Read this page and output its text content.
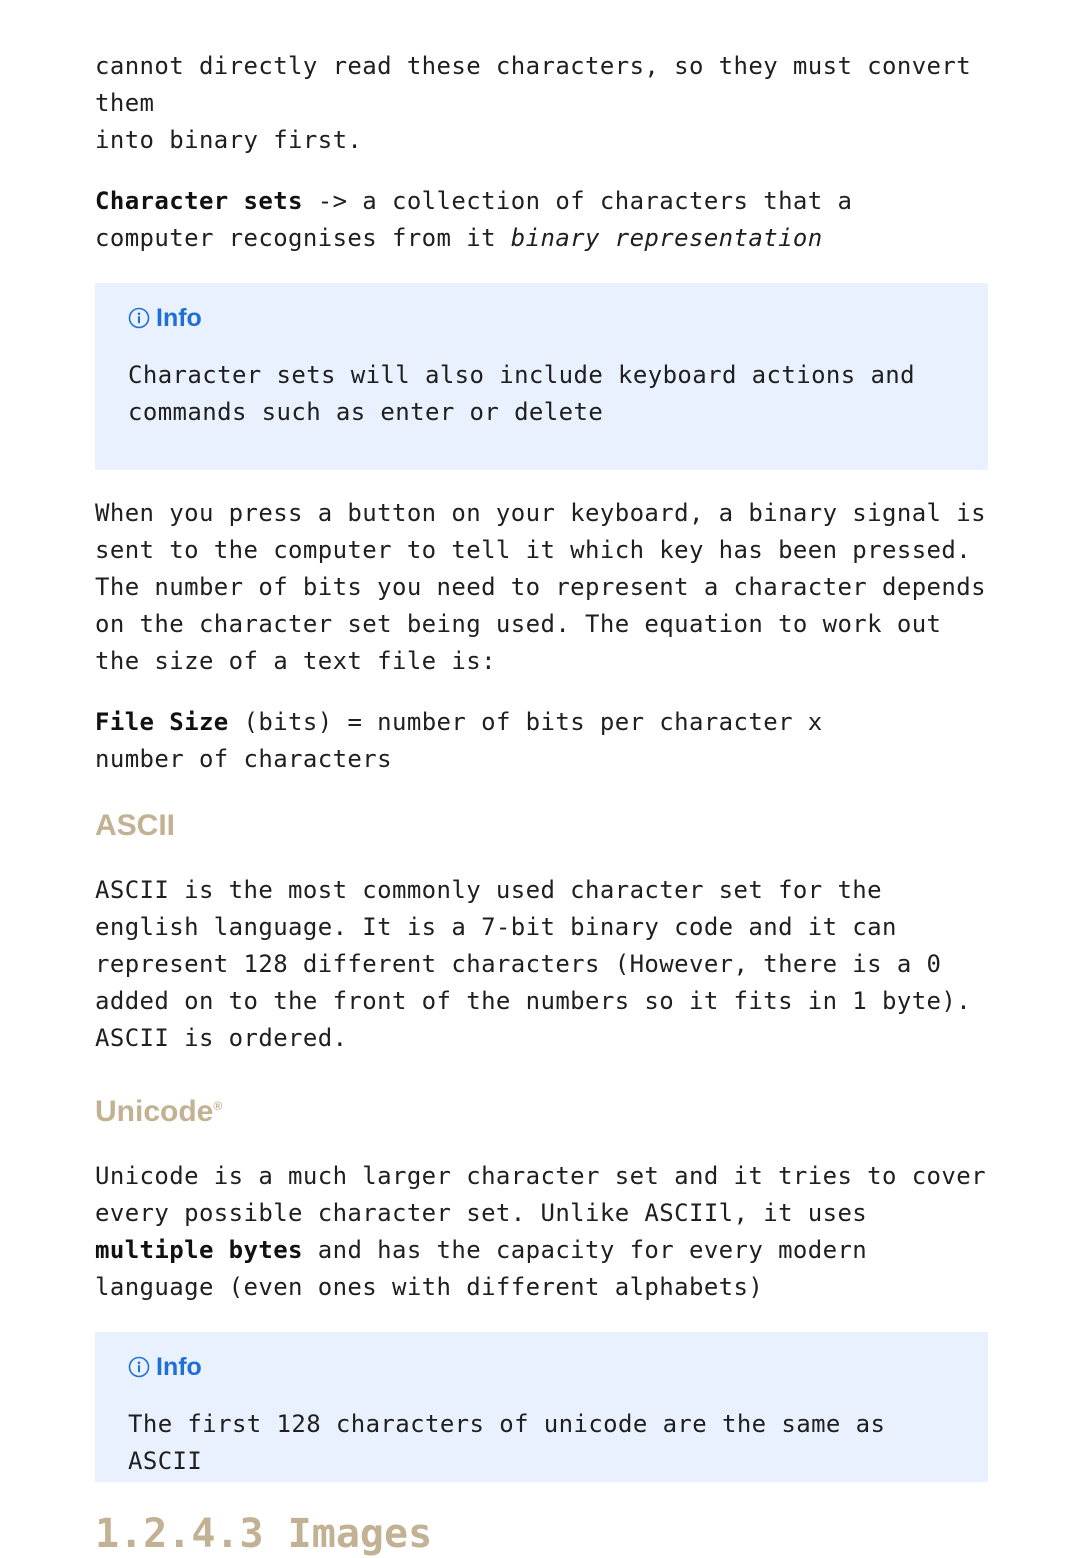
cannot directly read these characters, so they must convert them
into binary first.

Character sets -> a collection of characters that a computer recognises from it binary representation

Info

Character sets will also include keyboard actions and commands such as enter or delete

When you press a button on your keyboard, a binary signal is sent to the computer to tell it which key has been pressed.
The number of bits you need to represent a character depends on the character set being used. The equation to work out the size of a text file is:

File Size (bits) = number of bits per character x number of characters

ASCII

ASCII is the most commonly used character set for the english language. It is a 7-bit binary code and it can represent 128 different characters (However, there is a 0 added on to the front of the numbers so it fits in 1 byte). ASCII is ordered.

Unicode®

Unicode is a much larger character set and it tries to cover every possible character set. Unlike ASCIIl, it uses multiple bytes and has the capacity for every modern language (even ones with different alphabets)

Info

The first 128 characters of unicode are the same as ASCII

1.2.4.3 Images
